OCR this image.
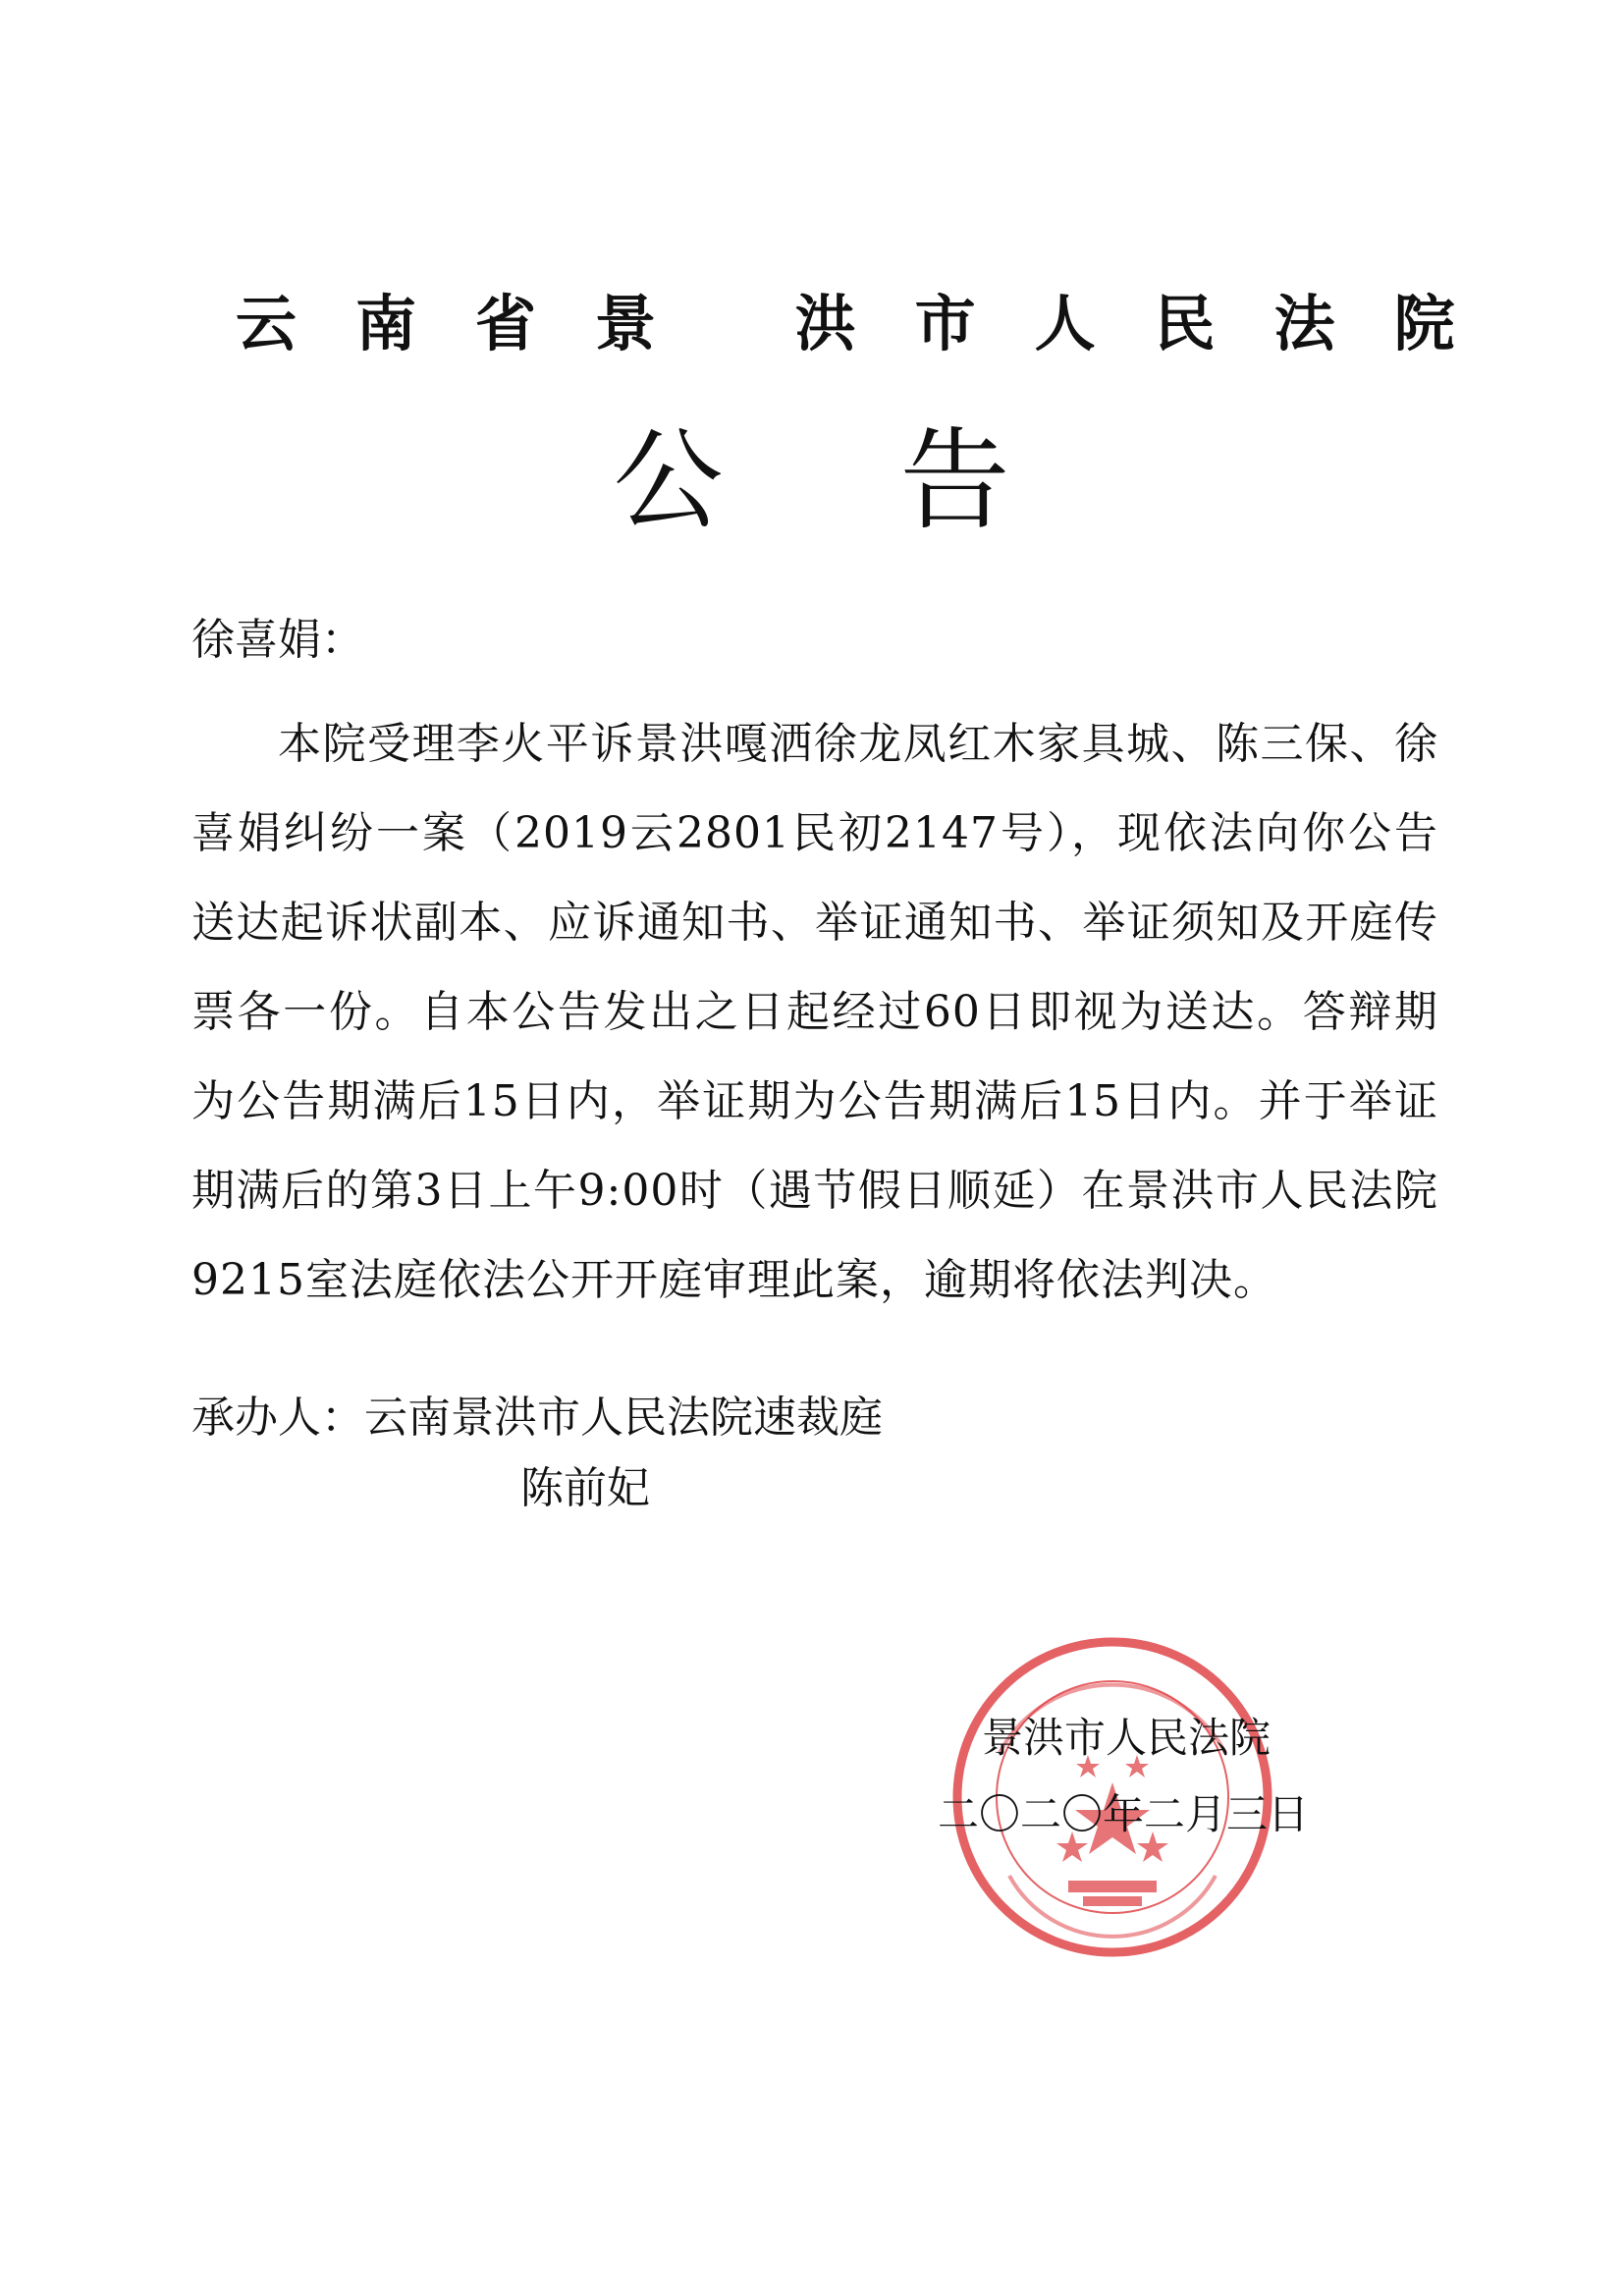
云南省景 洪市人民法院
公告
徐喜娟：

本院受理李火平诉景洪嘎洒徐龙凤红木家具城、陈三保、徐喜娟纠纷一案（2019云2801民初2147号），现依法向你公告送达起诉状副本、应诉通知书、举证通知书、举证须知及开庭传票各一份。自本公告发出之日起经过60日即视为送达。答辩期为公告期满后15日内，举证期为公告期满后15日内。并于举证期满后的第3日上午9:00时（遇节假日顺延）在景洪市人民法院9215室法庭依法公开开庭审理此案，逾期将依法判决。

承办人：云南景洪市人民法院速裁庭
陈前妃
景洪市人民法院
二〇二〇年二月三日
